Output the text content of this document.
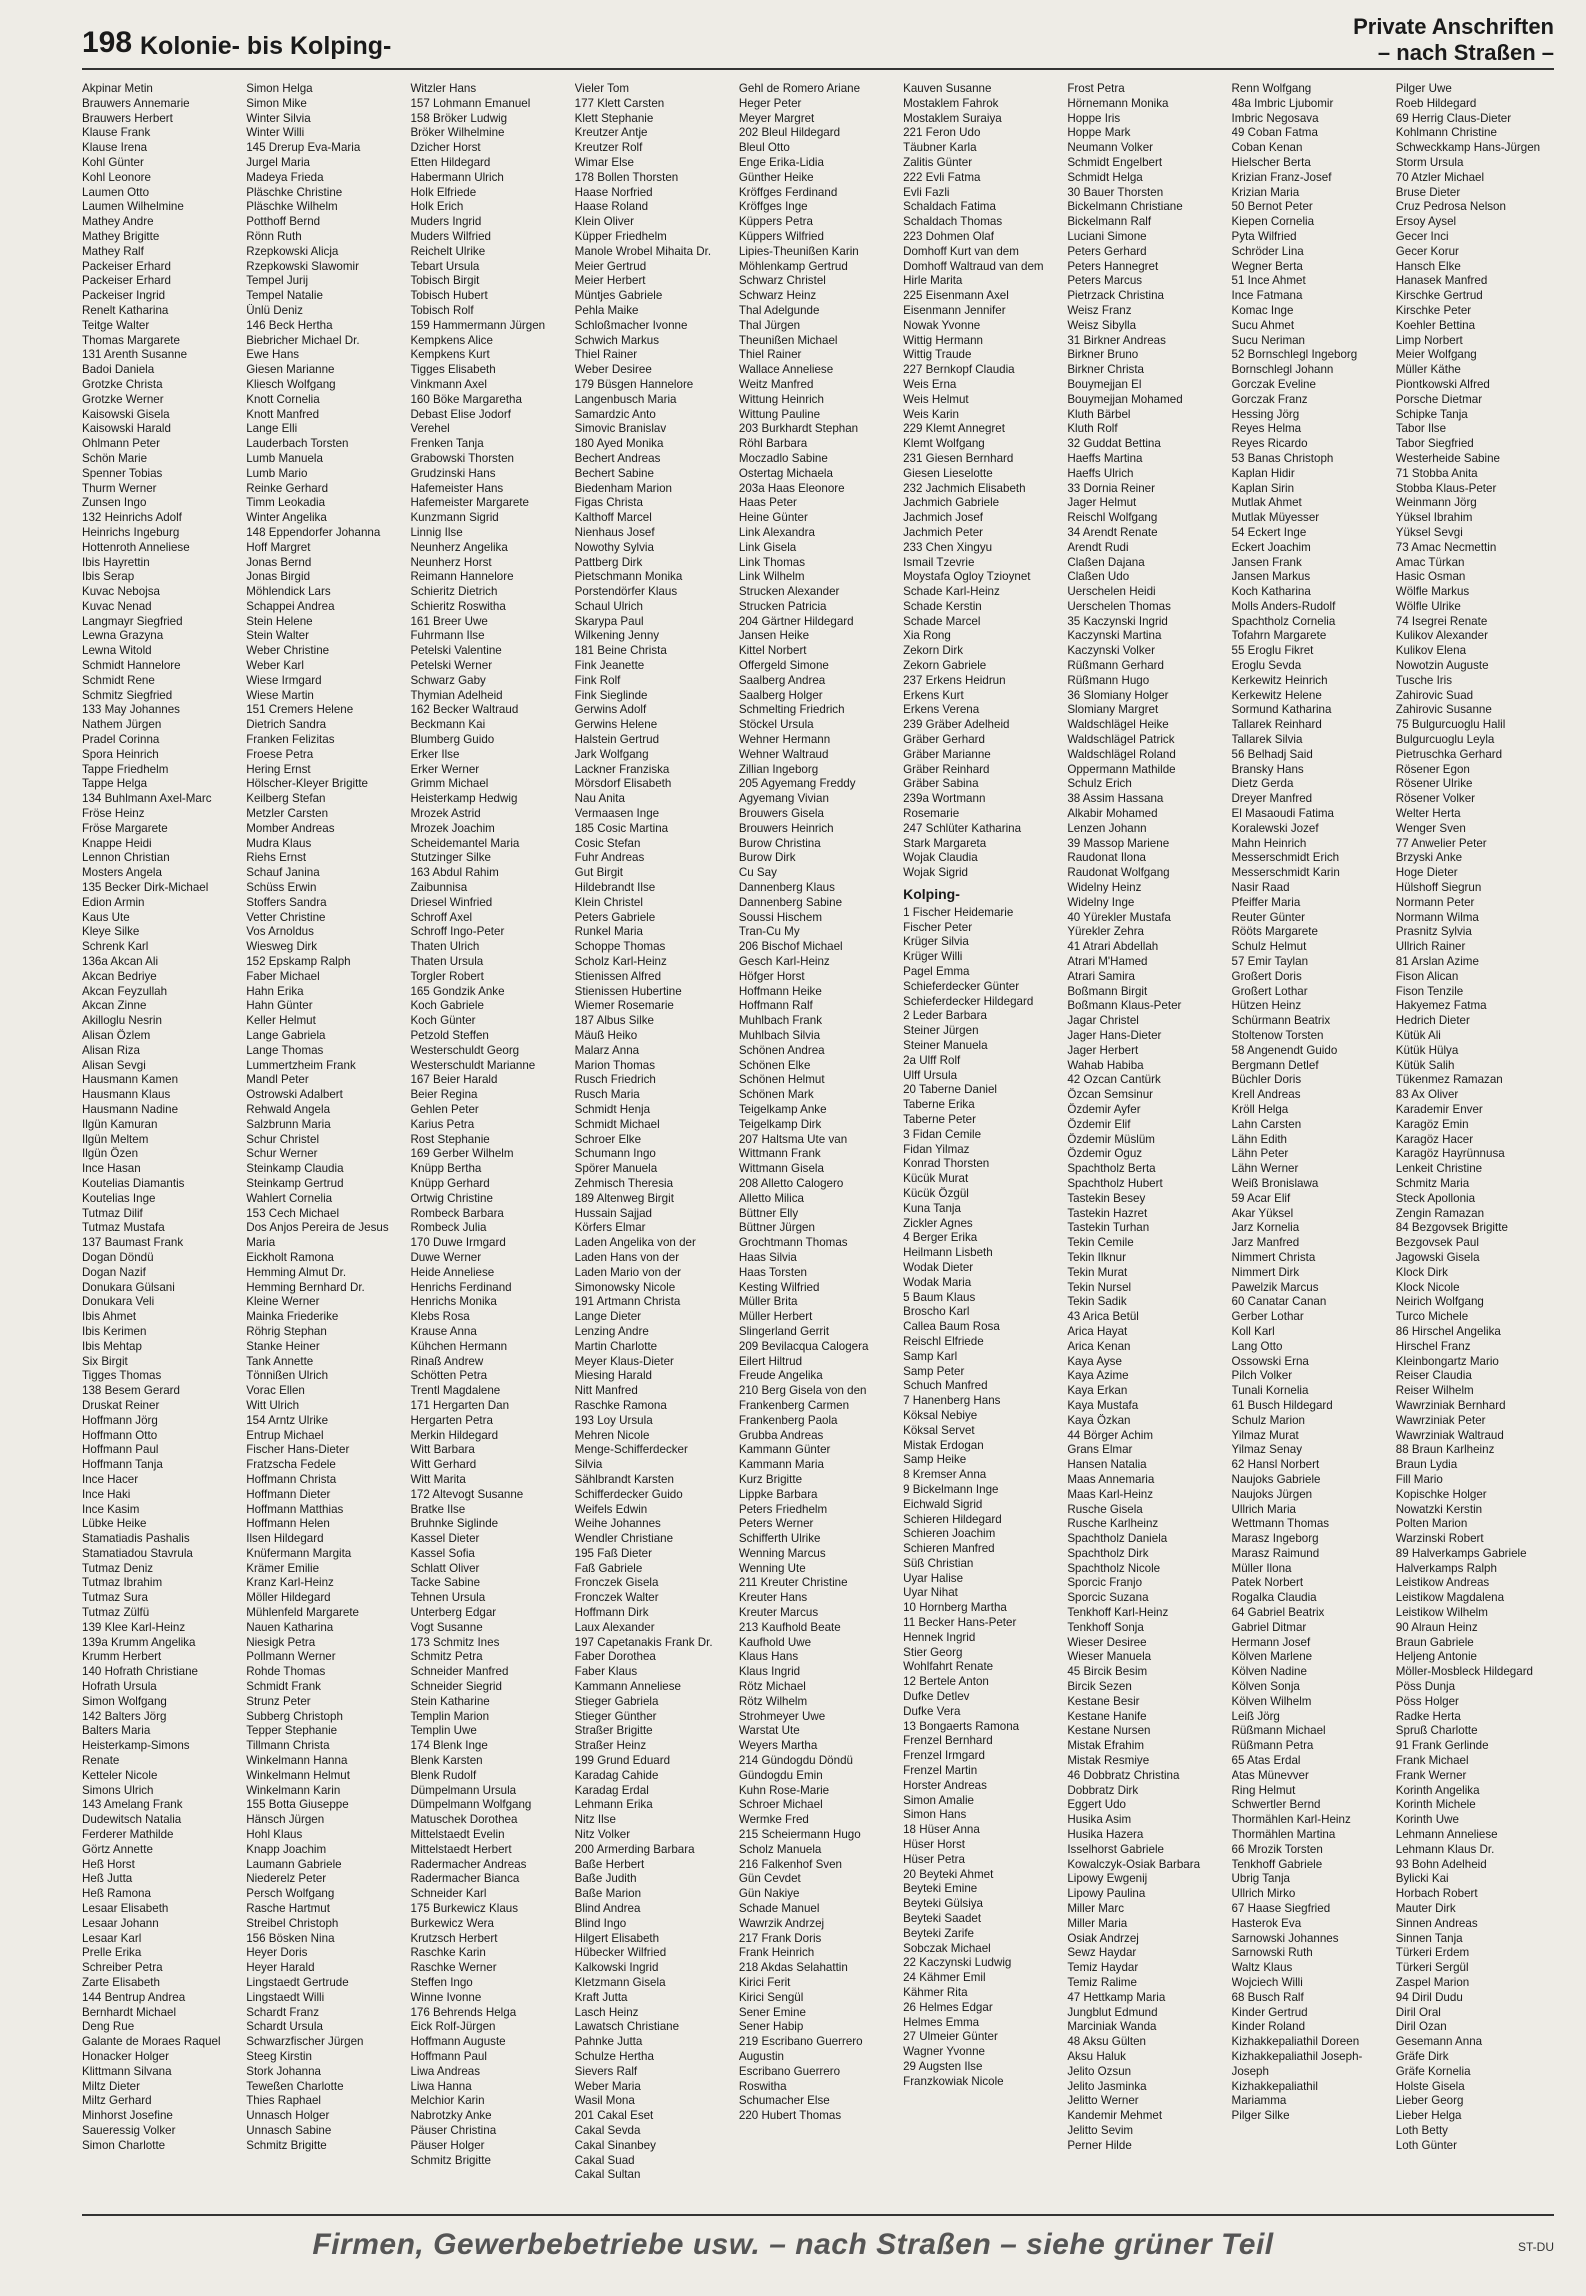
198 Kolonie- bis Kolping-
Private Anschriften
– nach Straßen –
Akpinar Metin
Brauwers Annemarie
Brauwers Herbert
Klause Frank
Klause Irena
Kohl Günter
Kohl Leonore
Laumen Otto
Laumen Wilhelmine
Mathey Andre
Mathey Brigitte
Mathey Ralf
Packeiser Erhard
Packeiser Erhard
Packeiser Ingrid
Renelt Katharina
Teitge Walter
Thomas Margarete
131 Arenth Susanne
Badoi Daniela
Grotzke Christa
Grotzke Werner
Kaisowski Gisela
Kaisowski Harald
Ohlmann Peter
Schön Marie
Spenner Tobias
Thurm Werner
Zunsen Ingo
132 Heinrichs Adolf
Heinrichs Ingeburg
Hottenroth Anneliese
Ibis Hayrettin
Ibis Serap
Kuvac Nebojsa
Kuvac Nenad
Langmayr Siegfried
Lewna Grazyna
Lewna Witold
Schmidt Hannelore
Schmidt Rene
Schmitz Siegfried
133 May Johannes
Nathem Jürgen
Pradel Corinna
Spora Heinrich
Tappe Friedhelm
Tappe Helga
134 Buhlmann Axel-Marc
Fröse Heinz
Fröse Margarete
Knappe Heidi
Lennon Christian
Mosters Angela
135 Becker Dirk-Michael
Edion Armin
Kaus Ute
Kleye Silke
Schrenk Karl
136a Akcan Ali
Akcan Bedriye
Akcan Feyzullah
Akcan Zinne
Akilloglu Nesrin
Alisan Özlem
Alisan Riza
Alisan Sevgi
Hausmann Kamen
Hausmann Klaus
Hausmann Nadine
Ilgün Kamuran
Ilgün Meltem
Ilgün Özen
Ince Hasan
Koutelias Diamantis
Koutelias Inge
Tutmaz Dilif
Tutmaz Mustafa
137 Baumast Frank
Dogan Döndü
Dogan Nazif
Donukara Gülsani
Donukara Veli
Ibis Ahmet
Ibis Kerimen
Ibis Mehtap
Six Birgit
Tigges Thomas
138 Besem Gerard
Druskat Reiner
Hoffmann Jörg
Hoffmann Otto
Hoffmann Paul
Hoffmann Tanja
Ince Hacer
Ince Haki
Ince Kasim
Lübke Heike
Stamatiadis Pashalis
Stamatiadou Stavrula
Tutmaz Deniz
Tutmaz Ibrahim
Tutmaz Sura
Tutmaz Zülfü
139 Klee Karl-Heinz
139a Krumm Angelika
Krumm Herbert
140 Hofrath Christiane
Hofrath Ursula
Simon Wolfgang
142 Balters Jörg
Balters Maria
Heisterkamp-Simons
Renate
Ketteler Nicole
Simons Ulrich
143 Amelang Frank
Dudewitsch Natalia
Ferderer Mathilde
Görtz Annette
Heß Horst
Heß Jutta
Heß Ramona
Lesaar Elisabeth
Lesaar Johann
Lesaar Karl
Prelle Erika
Schreiber Petra
Zarte Elisabeth
144 Bentrup Andrea
Bernhardt Michael
Deng Rue
Galante de Moraes Raquel
Honacker Holger
Klittmann Silvana
Miltz Dieter
Miltz Gerhard
Minhorst Josefine
Saueressig Volker
Simon Charlotte
Simon Helga
Simon Mike
Winter Silvia
Winter Willi
145 Drerup Eva-Maria
Jurgel Maria
Madeya Frieda
Pläschke Christine
Pläschke Wilhelm
Potthoff Bernd
Rönn Ruth
Rzepkowski Alicja
Rzepkowski Slawomir
Tempel Jurij
Tempel Natalie
Ünlü Deniz
146 Beck Hertha
Biebricher Michael Dr.
Ewe Hans
Giesen Marianne
Kliesch Wolfgang
Knott Cornelia
Knott Manfred
Lange Elli
Lauderbach Torsten
Lumb Manuela
Lumb Mario
Reinke Gerhard
Timm Leokadia
Winter Angelika
148 Eppendorfer Johanna
Hoff Margret
Jonas Bernd
Jonas Birgid
Möhlendick Lars
Schappei Andrea
Stein Helene
Stein Walter
Weber Christine
Weber Karl
Wiese Irmgard
Wiese Martin
151 Cremers Helene
Dietrich Sandra
Franken Felizitas
Froese Petra
Hering Ernst
Hölscher-Kleyer Brigitte
Keilberg Stefan
Metzler Carsten
Momber Andreas
Mudra Klaus
Riehs Ernst
Schauf Janina
Schüss Erwin
Stoffers Sandra
Vetter Christine
Vos Arnoldus
Wiesweg Dirk
152 Epskamp Ralph
Faber Michael
Hahn Erika
Hahn Günter
Keller Helmut
Lange Gabriela
Lange Thomas
Lummertzheim Frank
Mandl Peter
Ostrowski Adalbert
Rehwald Angela
Salzbrunn Maria
Schur Christel
Schur Werner
Steinkamp Claudia
Steinkamp Gertrud
Wahlert Cornelia
153 Cech Michael
Dos Anjos Pereira de Jesus
Maria
Eickholt Ramona
Hemming Almut Dr.
Hemming Bernhard Dr.
Kleine Werner
Mainka Friederike
Röhrig Stephan
Stanke Heiner
Tank Annette
Tönnißen Ulrich
Vorac Ellen
Witt Ulrich
154 Arntz Ulrike
Entrup Michael
Fischer Hans-Dieter
Fratzscha Fedele
Hoffmann Christa
Hoffmann Dieter
Hoffmann Matthias
Hoffmann Helen
Ilsen Hildegard
Knüfermann Margita
Krämer Emilie
Kranz Karl-Heinz
Möller Hildegard
Mühlenfeld Margarete
Nauen Katharina
Niesigk Petra
Pollmann Werner
Rohde Thomas
Schmidt Frank
Strunz Peter
Subberg Christoph
Tepper Stephanie
Tillmann Christa
Winkelmann Hanna
Winkelmann Helmut
Winkelmann Karin
155 Botta Giuseppe
Hänsch Jürgen
Hohl Klaus
Knapp Joachim
Laumann Gabriele
Niederelz Peter
Persch Wolfgang
Rasche Hartmut
Streibel Christoph
156 Bösken Nina
Heyer Doris
Heyer Harald
Lingstaedt Gertrude
Lingstaedt Willi
Schardt Franz
Schardt Ursula
Schwarzfischer Jürgen
Steeg Kirstin
Stork Johanna
Teweßen Charlotte
Thies Raphael
Unnasch Holger
Unnasch Sabine
Schmitz Brigitte
Witzler Hans
157 Lohmann Emanuel
158 Bröker Ludwig
Bröker Wilhelmine
Dzicher Horst
Etten Hildegard
Habermann Ulrich
Holk Elfriede
Holk Erich
Muders Ingrid
Muders Wilfried
Reichelt Ulrike
Tebart Ursula
Tobisch Birgit
Tobisch Hubert
Tobisch Rolf
159 Hammermann Jürgen
Kempkens Alice
Kempkens Kurt
Tigges Elisabeth
Vinkmann Axel
160 Böke Margaretha
Debast Elise Jodorf
Verehel
Frenken Tanja
Grabowski Thorsten
Grudzinski Hans
Hafemeister Hans
Hafemeister Margarete
Kunzmann Sigrid
Linnig Ilse
Neunherz Angelika
Neunherz Horst
Reimann Hannelore
Schieritz Dietrich
Schieritz Roswitha
161 Breer Uwe
Fuhrmann Ilse
Petelski Valentine
Petelski Werner
Schwarz Gaby
Thymian Adelheid
162 Becker Waltraud
Beckmann Kai
Blumberg Guido
Erker Ilse
Erker Werner
Grimm Michael
Heisterkamp Hedwig
Mrozek Astrid
Mrozek Joachim
Scheidemantel Maria
Stutzinger Silke
163 Abdul Rahim
Zaibunnisa
Driesel Winfried
Schroff Axel
Schroff Ingo-Peter
Thaten Ulrich
Thaten Ursula
Torgler Robert
165 Gondzik Anke
Koch Gabriele
Koch Günter
Petzold Steffen
Westerschuldt Georg
Westerschuldt Marianne
167 Beier Harald
Beier Regina
Gehlen Peter
Karius Petra
Rost Stephanie
169 Gerber Wilhelm
Knüpp Bertha
Knüpp Gerhard
Ortwig Christine
Rombeck Barbara
Rombeck Julia
170 Duwe Irmgard
Duwe Werner
Heide Anneliese
Henrichs Ferdinand
Henrichs Monika
Klebs Rosa
Krause Anna
Kühchen Hermann
Rinaß Andrew
Schötten Petra
Trentl Magdalene
171 Hergarten Dan
Hergarten Petra
Merkin Hildegard
Witt Barbara
Witt Gerhard
Witt Marita
172 Altevogt Susanne
Bratke Ilse
Bruhnke Siglinde
Kassel Dieter
Kassel Sofia
Schlatt Oliver
Tacke Sabine
Tehnen Ursula
Unterberg Edgar
Vogt Susanne
173 Schmitz Ines
Schmitz Petra
Schneider Manfred
Schneider Siegrid
Stein Katharine
Templin Marion
Templin Uwe
174 Blenk Inge
Blenk Karsten
Blenk Rudolf
Dümpelmann Ursula
Dümpelmann Wolfgang
Matuschek Dorothea
Mittelstaedt Evelin
Mittelstaedt Herbert
Radermacher Andreas
Radermacher Bianca
Schneider Karl
175 Burkewicz Klaus
Burkewicz Wera
Krutzsch Herbert
Raschke Karin
Raschke Werner
Steffen Ingo
Winne Ivonne
176 Behrends Helga
Eick Rolf-Jürgen
Hoffmann Auguste
Hoffmann Paul
Liwa Andreas
Liwa Hanna
Melchior Karin
Nabrotzky Anke
Päuser Christina
Päuser Holger
Schmitz Brigitte
Vieler Tom
177 Klett Carsten
Klett Stephanie
Kreutzer Antje
Kreutzer Rolf
Wimar Else
178 Bollen Thorsten
Haase Norfried
Haase Roland
Klein Oliver
Küpper Friedhelm
Manole Wrobel Mihaita Dr.
Meier Gertrud
Meier Herbert
Müntjes Gabriele
Pehla Maike
Schloßmacher Ivonne
Schwich Markus
Thiel Rainer
Weber Desiree
179 Büsgen Hannelore
Langenbusch Maria
Samardzic Anto
Simovic Branislav
180 Ayed Monika
Bechert Andreas
Bechert Sabine
Biedenham Marion
Figas Christa
Kalthoff Marcel
Nienhaus Josef
Nowothy Sylvia
Pattberg Dirk
Pietschmann Monika
Porstendörfer Klaus
Schaul Ulrich
Skarypa Paul
Wilkening Jenny
181 Beine Christa
Fink Jeanette
Fink Rolf
Fink Sieglinde
Gerwins Adolf
Gerwins Helene
Halstein Gertrud
Jark Wolfgang
Lackner Franziska
Mörsdorf Elisabeth
Nau Anita
Vermaasen Inge
185 Cosic Martina
Cosic Stefan
Fuhr Andreas
Gut Birgit
Hildebrandt Ilse
Klein Christel
Peters Gabriele
Runkel Maria
Schoppe Thomas
Scholz Karl-Heinz
Stienissen Alfred
Stienissen Hubertine
Wiemer Rosemarie
187 Albus Silke
Mäuß Heiko
Malarz Anna
Marion Thomas
Rusch Friedrich
Rusch Maria
Schmidt Henja
Schmidt Michael
Schroer Elke
Schumann Ingo
Spörer Manuela
Zehmisch Theresia
189 Altenweg Birgit
Hussain Sajjad
Körfers Elmar
Laden Angelika von der
Laden Hans von der
Laden Mario von der
Simonowsky Nicole
191 Artmann Christa
Lange Dieter
Lenzing Andre
Martin Charlotte
Meyer Klaus-Dieter
Miesing Harald
Nitt Manfred
Raschke Ramona
193 Loy Ursula
Mehren Nicole
Menge-Schifferdecker
Silvia
Sählbrandt Karsten
Schifferdecker Guido
Weifels Edwin
Weihe Johannes
Wendler Christiane
195 Faß Dieter
Faß Gabriele
Fronczek Gisela
Fronczek Walter
Hoffmann Dirk
Laux Alexander
197 Capetanakis Frank Dr.
Faber Dorothea
Faber Klaus
Kammann Anneliese
Stieger Gabriela
Stieger Günther
Straßer Brigitte
Straßer Heinz
199 Grund Eduard
Karadag Cahide
Karadag Erdal
Lehmann Erika
Nitz Ilse
Nitz Volker
200 Armerding Barbara
Baße Herbert
Baße Judith
Baße Marion
Blind Andrea
Blind Ingo
Hilgert Elisabeth
Hübecker Wilfried
Kalkowski Ingrid
Kletzmann Gisela
Kraft Jutta
Lasch Heinz
Lawatsch Christiane
Pahnke Jutta
Schulze Hertha
Sievers Ralf
Weber Maria
Wasil Mona
201 Cakal Eset
Cakal Sevda
Cakal Sinanbey
Cakal Suad
Cakal Sultan
Gehl de Romero Ariane
Heger Peter
Meyer Margret
202 Bleul Hildegard
Bleul Otto
Enge Erika-Lidia
Günther Heike
Kröffges Ferdinand
Kröffges Inge
Küppers Petra
Küppers Wilfried
Lipies-Theunißen Karin
Möhlenkamp Gertrud
Schwarz Christel
Schwarz Heinz
Thal Adelgunde
Thal Jürgen
Theunißen Michael
Thiel Rainer
Wallace Anneliese
Weitz Manfred
Wittung Heinrich
Wittung Pauline
203 Burkhardt Stephan
Röhl Barbara
Moczadlo Sabine
Ostertag Michaela
203a Haas Eleonore
Haas Peter
Heine Günter
Link Alexandra
Link Gisela
Link Thomas
Link Wilhelm
Strucken Alexander
Strucken Patricia
204 Gärtner Hildegard
Jansen Heike
Kittel Norbert
Offergeld Simone
Saalberg Andrea
Saalberg Holger
Schmelting Friedrich
Stöckel Ursula
Wehner Hermann
Wehner Waltraud
Zillian Ingeborg
205 Agyemang Freddy
Agyemang Vivian
Brouwers Gisela
Brouwers Heinrich
Burow Christina
Burow Dirk
Cu Say
Dannenberg Klaus
Dannenberg Sabine
Soussi Hischem
Tran-Cu My
206 Bischof Michael
Gesch Karl-Heinz
Höfger Horst
Hoffmann Heike
Hoffmann Ralf
Muhlbach Frank
Muhlbach Silvia
Schönen Andrea
Schönen Elke
Schönen Helmut
Schönen Mark
Teigelkamp Anke
Teigelkamp Dirk
207 Haltsma Ute van
Wittmann Frank
Wittmann Gisela
208 Alletto Calogero
Alletto Milica
Büttner Elly
Büttner Jürgen
Grochtmann Thomas
Haas Silvia
Haas Torsten
Kesting Wilfried
Müller Brita
Müller Herbert
Slingerland Gerrit
209 Bevilacqua Calogera
Eilert Hiltrud
Freude Angelika
210 Berg Gisela von den
Frankenberg Carmen
Frankenberg Paola
Grubba Andreas
Kammann Günter
Kammann Maria
Kurz Brigitte
Lippke Barbara
Peters Friedhelm
Peters Werner
Schifferth Ulrike
Wenning Marcus
Wenning Ute
211 Kreuter Christine
Kreuter Hans
Kreuter Marcus
213 Kaufhold Beate
Kaufhold Uwe
Klaus Hans
Klaus Ingrid
Rötz Michael
Rötz Wilhelm
Strohmeyer Uwe
Warstat Ute
Weyers Martha
214 Gündogdu Döndü
Gündogdu Emin
Kuhn Rose-Marie
Schroer Michael
Wermke Fred
215 Scheiermann Hugo
Scholz Manuela
216 Falkenhof Sven
Gün Cevdet
Gün Nakiye
Schade Manuel
Wawrzik Andrzej
217 Frank Doris
Frank Heinrich
218 Akdas Selahattin
Kirici Ferit
Kirici Sengül
Sener Emine
Sener Habip
219 Escribano Guerrero
Augustin
Escribano Guerrero
Roswitha
Schumacher Else
220 Hubert Thomas
Kauven Susanne
Mostaklem Fahrok
Mostaklem Suraiya
221 Feron Udo
Täubner Karla
Zalitis Günter
222 Evli Fatma
Evli Fazli
Schaldach Fatima
Schaldach Thomas
223 Dohmen Olaf
Domhoff Kurt van dem
Domhoff Waltraud van dem
Hirle Marita
225 Eisenmann Axel
Eisenmann Jennifer
Nowak Yvonne
Wittig Hermann
Wittig Traude
227 Bernkopf Claudia
Weis Erna
Weis Helmut
Weis Karin
229 Klemt Annegret
Klemt Wolfgang
231 Giesen Bernhard
Giesen Lieselotte
232 Jachmich Elisabeth
Jachmich Gabriele
Jachmich Josef
Jachmich Peter
233 Chen Xingyu
Ismail Tzevrie
Moystafa Ogloy Tzioynet
Schade Karl-Heinz
Schade Kerstin
Schade Marcel
Xia Rong
Zekorn Dirk
Zekorn Gabriele
237 Erkens Heidrun
Erkens Kurt
Erkens Verena
239 Gräber Adelheid
Gräber Gerhard
Gräber Marianne
Gräber Reinhard
Gräber Sabina
239a Wortmann
Rosemarie
247 Schlüter Katharina
Stark Margareta
Wojak Claudia
Wojak Sigrid
Kolping-
1 Fischer Heidemarie
Fischer Peter
Krüger Silvia
Krüger Willi
Pagel Emma
Schieferdecker Günter
Schieferdecker Hildegard
2 Leder Barbara
Steiner Jürgen
Steiner Manuela
2a Ulff Rolf
Ulff Ursula
20 Taberne Daniel
Taberne Erika
Taberne Peter
3 Fidan Cemile
Fidan Yilmaz
Konrad Thorsten
Kücük Murat
Kücük Özgül
Kuna Tanja
Zickler Agnes
4 Berger Erika
Heilmann Lisbeth
Wodak Dieter
Wodak Maria
5 Baum Klaus
Broscho Karl
Callea Baum Rosa
Reischl Elfriede
Samp Karl
Samp Peter
Schuch Manfred
7 Hanenberg Hans
Köksal Nebiye
Köksal Servet
Mistak Erdogan
Samp Heike
8 Kremser Anna
9 Bickelmann Inge
Eichwald Sigrid
Schieren Hildegard
Schieren Joachim
Schieren Manfred
Süß Christian
Uyar Halise
Uyar Nihat
10 Hornberg Martha
11 Becker Hans-Peter
Hennek Ingrid
Stier Georg
Wohlfahrt Renate
12 Bertele Anton
Dufke Detlev
Dufke Vera
13 Bongaerts Ramona
Frenzel Bernhard
Frenzel Irmgard
Frenzel Martin
Horster Andreas
Simon Amalie
Simon Hans
18 Hüser Anna
Hüser Horst
Hüser Petra
20 Beyteki Ahmet
Beyteki Emine
Beyteki Gülsiya
Beyteki Saadet
Beyteki Zarife
Sobczak Michael
22 Kaczynski Ludwig
24 Kähmer Emil
Kähmer Rita
26 Helmes Edgar
Helmes Emma
27 Ulmeier Günter
Wagner Yvonne
29 Augsten Ilse
Franzkowiak Nicole
Frost Petra
Hörnemann Monika
Hoppe Iris
Hoppe Mark
Neumann Volker
Schmidt Engelbert
Schmidt Helga
30 Bauer Thorsten
Bickelmann Christiane
Bickelmann Ralf
Luciani Simone
Peters Gerhard
Peters Hannegret
Peters Marcus
Pietrzack Christina
Weisz Franz
Weisz Sibylla
31 Birkner Andreas
Birkner Bruno
Birkner Christa
Bouymejjan El
Bouymejjan Mohamed
Kluth Bärbel
Kluth Rolf
32 Guddat Bettina
Haeffs Martina
Haeffs Ulrich
33 Dornia Reiner
Jager Helmut
Reischl Wolfgang
34 Arendt Renate
Arendt Rudi
Claßen Dajana
Claßen Udo
Uerschelen Heidi
Uerschelen Thomas
35 Kaczynski Ingrid
Kaczynski Martina
Kaczynski Volker
Rüßmann Gerhard
Rüßmann Hugo
36 Slomiany Holger
Slomiany Margret
Waldschlägel Heike
Waldschlägel Patrick
Waldschlägel Roland
Oppermann Mathilde
Schulz Erich
38 Assim Hassana
Alkabir Mohamed
Lenzen Johann
39 Massop Mariene
Raudonat Ilona
Raudonat Wolfgang
Widelny Heinz
Widelny Inge
40 Yürekler Mustafa
Yürekler Zehra
41 Atrari Abdellah
Atrari M'Hamed
Atrari Samira
Boßmann Birgit
Boßmann Klaus-Peter
Jagar Christel
Jager Hans-Dieter
Jager Herbert
Wahab Habiba
42 Ozcan Cantürk
Özcan Semsinur
Özdemir Ayfer
Özdemir Elif
Özdemir Müslüm
Özdemir Oguz
Spachtholz Berta
Spachtholz Hubert
Tastekin Besey
Tastekin Hazret
Tastekin Turhan
Tekin Cemile
Tekin Ilknur
Tekin Murat
Tekin Nursel
Tekin Sadik
43 Arica Betül
Arica Hayat
Arica Kenan
Kaya Ayse
Kaya Azime
Kaya Erkan
Kaya Mustafa
Kaya Özkan
44 Börger Achim
Grans Elmar
Hansen Natalia
Maas Annemaria
Maas Karl-Heinz
Rusche Gisela
Rusche Karlheinz
Spachtholz Daniela
Spachtholz Dirk
Spachtholz Nicole
Sporcic Franjo
Sporcic Suzana
Tenkhoff Karl-Heinz
Tenkhoff Sonja
Wieser Desiree
Wieser Manuela
45 Bircik Besim
Bircik Sezen
Kestane Besir
Kestane Hanife
Kestane Nursen
Mistak Efrahim
Mistak Resmiye
46 Dobbratz Christina
Dobbratz Dirk
Eggert Udo
Husika Asim
Husika Hazera
Isselhorst Gabriele
Kowalczyk-Osiak Barbara
Lipowy Ewgenij
Lipowy Paulina
Miller Marc
Miller Maria
Osiak Andrzej
Sewz Haydar
Temiz Haydar
Temiz Ralime
47 Hettkamp Maria
Jungblut Edmund
Marciniak Wanda
48 Aksu Gülten
Aksu Haluk
Jelito Ozsun
Jelito Jasminka
Jelitto Werner
Kandemir Mehmet
Jelitto Sevim
Perner Hilde
Renn Wolfgang
48a Imbric Ljubomir
Imbric Negosava
49 Coban Fatma
Coban Kenan
Hielscher Berta
Krizian Franz-Josef
Krizian Maria
50 Bernot Peter
Kiepen Cornelia
Pyta Wilfried
Schröder Lina
Wegner Berta
51 Ince Ahmet
Ince Fatmana
Komac Inge
Sucu Ahmet
Sucu Neriman
52 Bornschlegl Ingeborg
Bornschlegl Johann
Gorczak Eveline
Gorczak Franz
Hessing Jörg
Reyes Helma
Reyes Ricardo
53 Banas Christoph
Kaplan Hidir
Kaplan Sirin
Mutlak Ahmet
Mutlak Müyesser
54 Eckert Inge
Eckert Joachim
Jansen Frank
Jansen Markus
Koch Katharina
Molls Anders-Rudolf
Spachtholz Cornelia
Tofahrn Margarete
55 Eroglu Fikret
Eroglu Sevda
Kerkewitz Heinrich
Kerkewitz Helene
Sormund Katharina
Tallarek Reinhard
Tallarek Silvia
56 Belhadj Said
Bransky Hans
Dietz Gerda
Dreyer Manfred
El Masaoudi Fatima
Koralewski Jozef
Mahn Heinrich
Messerschmidt Erich
Messerschmidt Karin
Nasir Raad
Pfeiffer Maria
Reuter Günter
Rööts Margarete
Schulz Helmut
57 Emir Taylan
Großert Doris
Großert Lothar
Hützen Heinz
Schürmann Beatrix
Stoltenow Torsten
58 Angenendt Guido
Bergmann Detlef
Büchler Doris
Krell Andreas
Kröll Helga
Lahn Carsten
Lähn Edith
Lähn Peter
Lähn Werner
Weiß Bronislawa
59 Acar Elif
Akar Yüksel
Jarz Kornelia
Jarz Manfred
Nimmert Christa
Nimmert Dirk
Pawelzik Marcus
60 Canatar Canan
Gerber Lothar
Koll Karl
Lang Otto
Ossowski Erna
Pilch Volker
Tunali Kornelia
61 Busch Hildegard
Schulz Marion
Yilmaz Murat
Yilmaz Senay
62 Hansl Norbert
Naujoks Gabriele
Naujoks Jürgen
Ullrich Maria
Wettmann Thomas
Marasz Ingeborg
Marasz Raimund
Müller Ilona
Patek Norbert
Rogalka Claudia
64 Gabriel Beatrix
Gabriel Ditmar
Hermann Josef
Kölven Marlene
Kölven Nadine
Kölven Sonja
Kölven Wilhelm
Leiß Jörg
Rüßmann Michael
Rüßmann Petra
65 Atas Erdal
Atas Münevver
Ring Helmut
Schwertler Bernd
Thormählen Karl-Heinz
Thormählen Martina
66 Mrozik Torsten
Tenkhoff Gabriele
Ubrig Tanja
Ullrich Mirko
67 Haase Siegfried
Hasterok Eva
Sarnowski Johannes
Sarnowski Ruth
Waltz Klaus
Wojciech Willi
68 Busch Ralf
Kinder Gertrud
Kinder Roland
Kizhakkepaliathil Doreen
Kizhakkepaliathil Joseph-
Joseph
Kizhakkepaliathil
Mariamma
Pilger Silke
Pilger Uwe
Roeb Hildegard
69 Herrig Claus-Dieter
Kohlmann Christine
Schweckkamp Hans-Jürgen
Storm Ursula
70 Atzler Michael
Bruse Dieter
Cruz Pedrosa Nelson
Ersoy Aysel
Gecer Inci
Gecer Korur
Hansch Elke
Hanasek Manfred
Kirschke Gertrud
Kirschke Peter
Koehler Bettina
Limp Norbert
Meier Wolfgang
Müller Käthe
Piontkowski Alfred
Porsche Dietmar
Schipke Tanja
Tabor Ilse
Tabor Siegfried
Westerheide Sabine
71 Stobba Anita
Stobba Klaus-Peter
Weinmann Jörg
Yüksel Ibrahim
Yüksel Sevgi
73 Amac Necmettin
Amac Türkan
Hasic Osman
Wölfle Markus
Wölfle Ulrike
74 Isegrei Renate
Kulikov Alexander
Kulikov Elena
Nowotzin Auguste
Tusche Iris
Zahirovic Suad
Zahirovic Susanne
75 Bulgurcuoglu Halil
Bulgurcuoglu Leyla
Pietruschka Gerhard
Rösener Egon
Rösener Ulrike
Rösener Volker
Welter Herta
Wenger Sven
77 Anwelier Peter
Brzyski Anke
Hoge Dieter
Hülshoff Siegrun
Normann Peter
Normann Wilma
Prasnitz Sylvia
Ullrich Rainer
81 Arslan Azime
Fison Alican
Fison Tenzile
Hakyemez Fatma
Hedrich Dieter
Kütük Ali
Kütük Hülya
Kütük Salih
Tükenmez Ramazan
83 Ax Oliver
Karademir Enver
Karagöz Emin
Karagöz Hacer
Karagöz Hayrünnusa
Lenkeit Christine
Schmitz Maria
Steck Apollonia
Zengin Ramazan
84 Bezgovsek Brigitte
Bezgovsek Paul
Jagowski Gisela
Klock Dirk
Klock Nicole
Neirich Wolfgang
Turco Michele
86 Hirschel Angelika
Hirschel Franz
Kleinbongartz Mario
Reiser Claudia
Reiser Wilhelm
Wawrziniak Bernhard
Wawrziniak Peter
Wawrziniak Waltraud
88 Braun Karlheinz
Braun Lydia
Fill Mario
Kopischke Holger
Nowatzki Kerstin
Polten Marion
Warzinski Robert
89 Halverkamps Gabriele
Halverkamps Ralph
Leistikow Andreas
Leistikow Magdalena
Leistikow Wilhelm
90 Alraun Heinz
Braun Gabriele
Heljeng Antonie
Möller-Mosbleck Hildegard
Pöss Dunja
Pöss Holger
Radke Herta
Spruß Charlotte
91 Frank Gerlinde
Frank Michael
Frank Werner
Korinth Angelika
Korinth Michele
Korinth Uwe
Lehmann Anneliese
Lehmann Klaus Dr.
93 Bohn Adelheid
Bylicki Kai
Horbach Robert
Mauter Dirk
Sinnen Andreas
Sinnen Tanja
Türkeri Erdem
Türkeri Sergül
Zaspel Marion
94 Diril Dudu
Diril Oral
Diril Ozan
Gesemann Anna
Gräfe Dirk
Gräfe Kornelia
Holste Gisela
Lieber Georg
Lieber Helga
Loth Betty
Loth Günter
Firmen, Gewerbebetriebe usw. – nach Straßen – siehe grüner Teil	ST-DU
